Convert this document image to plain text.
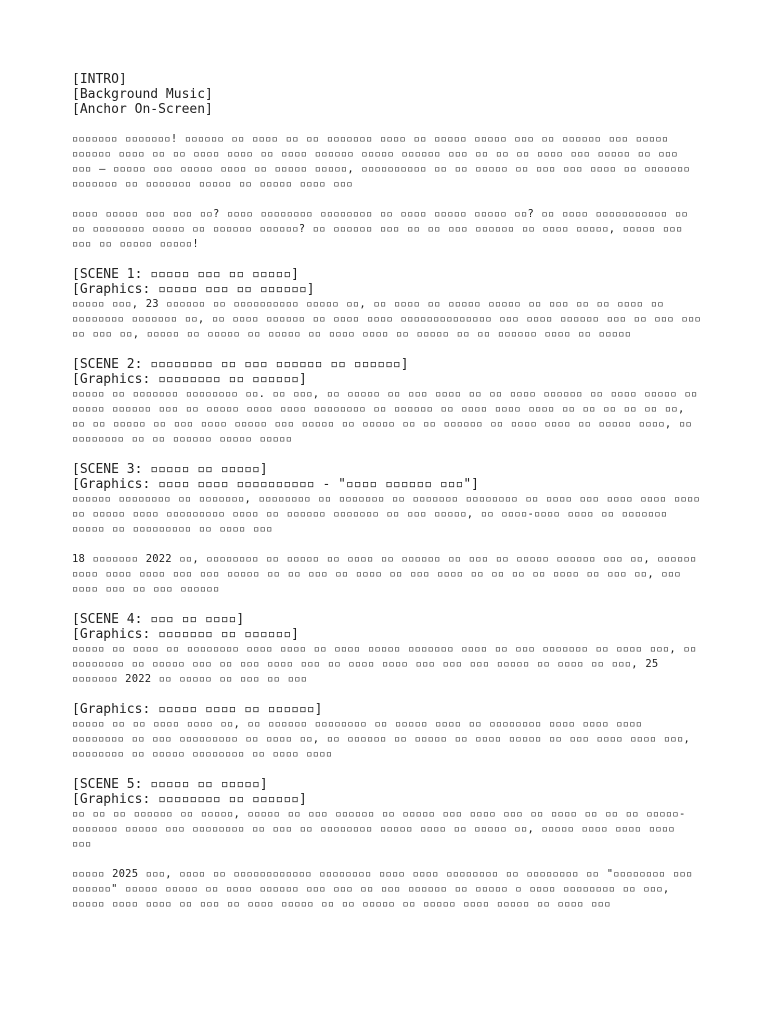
[INTRO]

[Background Music]

[Anchor On-Screen]

▫▫▫▫▫▫▫ ▫▫▫▫▫▫▫! ▫▫▫▫▫▫ ▫▫ ▫▫▫▫ ▫▫ ▫▫ ▫▫▫▫▫▫▫ ▫▫▫▫ ▫▫ ▫▫▫▫▫ ▫▫▫▫▫ ▫▫▫ ▫▫ ▫▫▫▫▫▫ ▫▫▫ ▫▫▫▫▫ ▫▫▫▫▫▫ ▫▫▫▫ ▫▫ ▫▫ ▫▫▫▫ ▫▫▫▫ ▫▫ ▫▫▫▫ ▫▫▫▫▫▫ ▫▫▫▫▫ ▫▫▫▫▫▫ ▫▫▫ ▫▫ ▫▫ ▫▫ ▫▫▫▫ ▫▫▫ ▫▫▫▫▫ ▫▫ ▫▫▫ ▫▫▫ – ▫▫▫▫▫ ▫▫▫ ▫▫▫▫▫ ▫▫▫▫ ▫▫ ▫▫▫▫▫ ▫▫▫▫▫, ▫▫▫▫▫▫▫▫▫▫ ▫▫ ▫▫ ▫▫▫▫▫ ▫▫ ▫▫▫ ▫▫▫ ▫▫▫▫ ▫▫ ▫▫▫▫▫▫▫ ▫▫▫▫▫▫▫ ▫▫ ▫▫▫▫▫▫▫ ▫▫▫▫▫ ▫▫ ▫▫▫▫▫ ▫▫▫▫ ▫▫▫

▫▫▫▫ ▫▫▫▫▫ ▫▫▫ ▫▫▫ ▫▫? ▫▫▫▫ ▫▫▫▫▫▫▫▫ ▫▫▫▫▫▫▫▫ ▫▫ ▫▫▫▫ ▫▫▫▫▫ ▫▫▫▫▫ ▫▫? ▫▫ ▫▫▫▫ ▫▫▫▫▫▫▫▫▫▫▫ ▫▫ ▫▫ ▫▫▫▫▫▫▫▫ ▫▫▫▫▫ ▫▫ ▫▫▫▫▫▫ ▫▫▫▫▫▫? ▫▫ ▫▫▫▫▫▫ ▫▫▫ ▫▫ ▫▫ ▫▫▫ ▫▫▫▫▫▫ ▫▫ ▫▫▫▫ ▫▫▫▫▫, ▫▫▫▫▫ ▫▫▫ ▫▫▫ ▫▫ ▫▫▫▫▫ ▫▫▫▫▫!

[SCENE 1: ▫▫▫▫▫ ▫▫▫ ▫▫ ▫▫▫▫▫]

[Graphics: ▫▫▫▫▫ ▫▫▫ ▫▫ ▫▫▫▫▫▫]

▫▫▫▫▫ ▫▫▫, 23 ▫▫▫▫▫▫ ▫▫ ▫▫▫▫▫▫▫▫▫▫ ▫▫▫▫▫ ▫▫, ▫▫ ▫▫▫▫ ▫▫ ▫▫▫▫▫ ▫▫▫▫▫ ▫▫ ▫▫▫ ▫▫ ▫▫ ▫▫▫▫ ▫▫ ▫▫▫▫▫▫▫▫ ▫▫▫▫▫▫▫ ▫▫, ▫▫ ▫▫▫▫ ▫▫▫▫▫▫ ▫▫ ▫▫▫▫ ▫▫▫▫ ▫▫▫▫▫▫▫▫▫▫▫▫▫▫ ▫▫▫ ▫▫▫▫ ▫▫▫▫▫▫ ▫▫▫ ▫▫ ▫▫▫ ▫▫▫ ▫▫ ▫▫▫ ▫▫, ▫▫▫▫▫ ▫▫ ▫▫▫▫▫ ▫▫ ▫▫▫▫▫ ▫▫ ▫▫▫▫ ▫▫▫▫ ▫▫ ▫▫▫▫▫ ▫▫ ▫▫ ▫▫▫▫▫▫ ▫▫▫▫ ▫▫ ▫▫▫▫▫

[SCENE 2: ▫▫▫▫▫▫▫▫ ▫▫ ▫▫▫ ▫▫▫▫▫▫ ▫▫ ▫▫▫▫▫▫]

[Graphics: ▫▫▫▫▫▫▫▫ ▫▫ ▫▫▫▫▫▫]

▫▫▫▫▫ ▫▫ ▫▫▫▫▫▫▫ ▫▫▫▫▫▫▫▫ ▫▫. ▫▫ ▫▫▫, ▫▫ ▫▫▫▫▫ ▫▫ ▫▫▫ ▫▫▫▫ ▫▫ ▫▫ ▫▫▫▫ ▫▫▫▫▫▫ ▫▫ ▫▫▫▫ ▫▫▫▫▫ ▫▫ ▫▫▫▫▫ ▫▫▫▫▫▫ ▫▫▫ ▫▫ ▫▫▫▫▫ ▫▫▫▫ ▫▫▫▫ ▫▫▫▫▫▫▫▫ ▫▫ ▫▫▫▫▫▫ ▫▫ ▫▫▫▫ ▫▫▫▫ ▫▫▫▫ ▫▫ ▫▫ ▫▫ ▫▫ ▫▫ ▫▫, ▫▫ ▫▫ ▫▫▫▫▫ ▫▫ ▫▫▫ ▫▫▫▫ ▫▫▫▫▫ ▫▫▫ ▫▫▫▫▫ ▫▫ ▫▫▫▫▫ ▫▫ ▫▫ ▫▫▫▫▫▫ ▫▫ ▫▫▫▫ ▫▫▫▫ ▫▫ ▫▫▫▫▫ ▫▫▫▫, ▫▫ ▫▫▫▫▫▫▫▫ ▫▫ ▫▫ ▫▫▫▫▫▫ ▫▫▫▫▫ ▫▫▫▫▫

[SCENE 3: ▫▫▫▫▫ ▫▫ ▫▫▫▫▫]

[Graphics: ▫▫▫▫ ▫▫▫▫ ▫▫▫▫▫▫▫▫▫▫ - "▫▫▫▫ ▫▫▫▫▫▫ ▫▫▫"]

▫▫▫▫▫▫ ▫▫▫▫▫▫▫▫ ▫▫ ▫▫▫▫▫▫▫, ▫▫▫▫▫▫▫▫ ▫▫ ▫▫▫▫▫▫▫ ▫▫ ▫▫▫▫▫▫▫ ▫▫▫▫▫▫▫▫ ▫▫ ▫▫▫▫ ▫▫▫ ▫▫▫▫ ▫▫▫▫ ▫▫▫▫ ▫▫ ▫▫▫▫▫ ▫▫▫▫ ▫▫▫▫▫▫▫▫▫ ▫▫▫▫ ▫▫ ▫▫▫▫▫▫ ▫▫▫▫▫▫▫ ▫▫ ▫▫▫ ▫▫▫▫▫, ▫▫ ▫▫▫▫-▫▫▫▫ ▫▫▫▫ ▫▫ ▫▫▫▫▫▫▫ ▫▫▫▫▫ ▫▫ ▫▫▫▫▫▫▫▫▫ ▫▫ ▫▫▫▫ ▫▫▫

18 ▫▫▫▫▫▫▫ 2022 ▫▫, ▫▫▫▫▫▫▫▫ ▫▫ ▫▫▫▫▫ ▫▫ ▫▫▫▫ ▫▫ ▫▫▫▫▫▫ ▫▫ ▫▫▫ ▫▫ ▫▫▫▫▫ ▫▫▫▫▫▫ ▫▫▫ ▫▫, ▫▫▫▫▫▫ ▫▫▫▫ ▫▫▫▫ ▫▫▫▫ ▫▫▫ ▫▫▫ ▫▫▫▫▫ ▫▫ ▫▫ ▫▫▫ ▫▫ ▫▫▫▫ ▫▫ ▫▫▫ ▫▫▫▫ ▫▫ ▫▫ ▫▫ ▫▫ ▫▫▫▫ ▫▫ ▫▫▫ ▫▫, ▫▫▫ ▫▫▫▫ ▫▫▫ ▫▫ ▫▫▫ ▫▫▫▫▫▫

[SCENE 4: ▫▫▫ ▫▫ ▫▫▫▫]

[Graphics: ▫▫▫▫▫▫▫ ▫▫ ▫▫▫▫▫▫]

▫▫▫▫▫ ▫▫ ▫▫▫▫ ▫▫ ▫▫▫▫▫▫▫▫ ▫▫▫▫ ▫▫▫▫ ▫▫ ▫▫▫▫ ▫▫▫▫▫ ▫▫▫▫▫▫▫ ▫▫▫▫ ▫▫ ▫▫▫ ▫▫▫▫▫▫▫ ▫▫ ▫▫▫▫ ▫▫▫, ▫▫ ▫▫▫▫▫▫▫▫ ▫▫ ▫▫▫▫▫ ▫▫▫ ▫▫ ▫▫▫ ▫▫▫▫ ▫▫▫ ▫▫ ▫▫▫▫ ▫▫▫▫ ▫▫▫ ▫▫▫ ▫▫▫ ▫▫▫▫▫ ▫▫ ▫▫▫▫ ▫▫ ▫▫▫, 25 ▫▫▫▫▫▫▫ 2022 ▫▫ ▫▫▫▫▫ ▫▫ ▫▫▫ ▫▫ ▫▫▫

[Graphics: ▫▫▫▫▫ ▫▫▫▫ ▫▫ ▫▫▫▫▫▫]

▫▫▫▫▫ ▫▫ ▫▫ ▫▫▫▫ ▫▫▫▫ ▫▫, ▫▫ ▫▫▫▫▫▫ ▫▫▫▫▫▫▫▫ ▫▫ ▫▫▫▫▫ ▫▫▫▫ ▫▫ ▫▫▫▫▫▫▫▫ ▫▫▫▫ ▫▫▫▫ ▫▫▫▫ ▫▫▫▫▫▫▫▫ ▫▫ ▫▫▫ ▫▫▫▫▫▫▫▫▫ ▫▫ ▫▫▫▫ ▫▫, ▫▫ ▫▫▫▫▫▫ ▫▫ ▫▫▫▫▫ ▫▫ ▫▫▫▫ ▫▫▫▫▫ ▫▫ ▫▫▫ ▫▫▫▫ ▫▫▫▫ ▫▫▫, ▫▫▫▫▫▫▫▫ ▫▫ ▫▫▫▫▫ ▫▫▫▫▫▫▫▫ ▫▫ ▫▫▫▫ ▫▫▫▫

[SCENE 5: ▫▫▫▫▫ ▫▫ ▫▫▫▫▫]

[Graphics: ▫▫▫▫▫▫▫▫ ▫▫ ▫▫▫▫▫▫]

▫▫ ▫▫ ▫▫ ▫▫▫▫▫▫ ▫▫ ▫▫▫▫▫, ▫▫▫▫▫ ▫▫ ▫▫▫ ▫▫▫▫▫▫ ▫▫ ▫▫▫▫▫ ▫▫▫ ▫▫▫▫ ▫▫▫ ▫▫ ▫▫▫▫ ▫▫ ▫▫ ▫▫ ▫▫▫▫▫-▫▫▫▫▫▫▫ ▫▫▫▫▫ ▫▫▫ ▫▫▫▫▫▫▫▫ ▫▫ ▫▫▫ ▫▫ ▫▫▫▫▫▫▫▫ ▫▫▫▫▫ ▫▫▫▫ ▫▫ ▫▫▫▫▫ ▫▫, ▫▫▫▫▫ ▫▫▫▫ ▫▫▫▫ ▫▫▫▫ ▫▫▫

▫▫▫▫▫ 2025 ▫▫▫, ▫▫▫▫ ▫▫ ▫▫▫▫▫▫▫▫▫▫▫▫ ▫▫▫▫▫▫▫▫ ▫▫▫▫ ▫▫▫▫ ▫▫▫▫▫▫▫▫ ▫▫ ▫▫▫▫▫▫▫▫ ▫▫ "▫▫▫▫▫▫▫▫ ▫▫▫ ▫▫▫▫▫▫" ▫▫▫▫▫ ▫▫▫▫▫ ▫▫ ▫▫▫▫ ▫▫▫▫▫▫ ▫▫▫ ▫▫▫ ▫▫ ▫▫▫ ▫▫▫▫▫▫ ▫▫ ▫▫▫▫▫ ▫ ▫▫▫▫ ▫▫▫▫▫▫▫▫ ▫▫ ▫▫▫, ▫▫▫▫▫ ▫▫▫▫ ▫▫▫▫ ▫▫ ▫▫▫ ▫▫ ▫▫▫▫ ▫▫▫▫▫ ▫▫ ▫▫ ▫▫▫▫▫ ▫▫ ▫▫▫▫▫ ▫▫▫▫ ▫▫▫▫▫ ▫▫ ▫▫▫▫ ▫▫▫
